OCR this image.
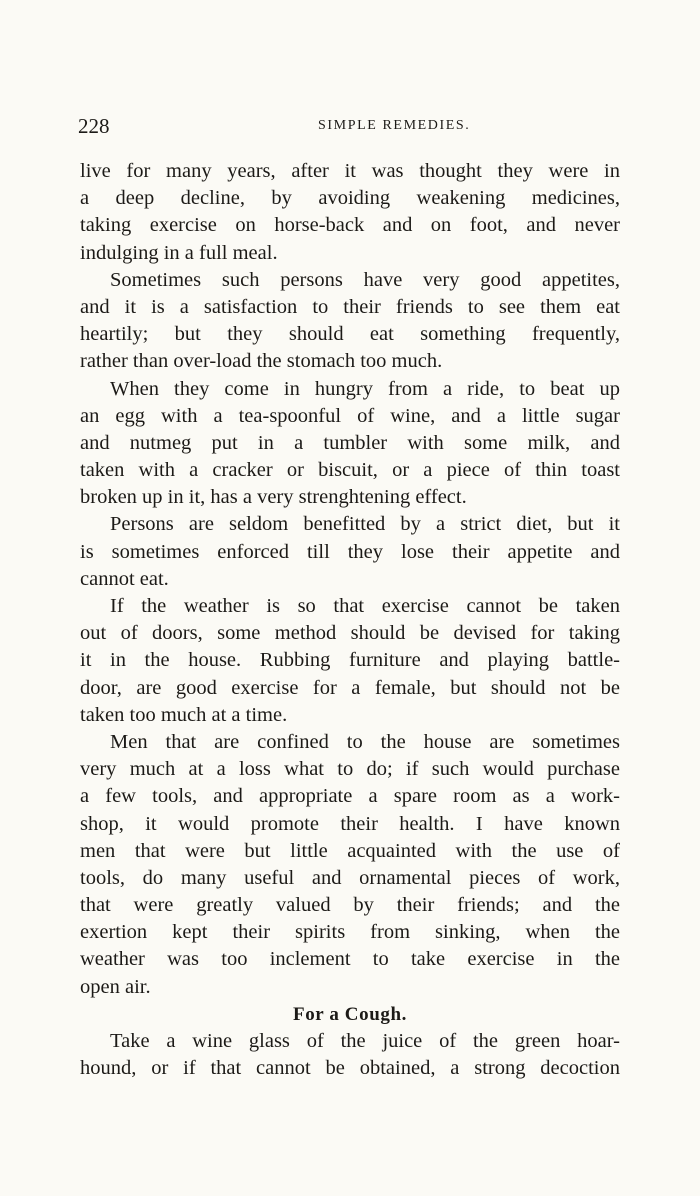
228	SIMPLE REMEDIES.
live for many years, after it was thought they were in
a deep decline, by avoiding weakening medicines,
taking exercise on horse-back and on foot, and never
indulging in a full meal.
Sometimes such persons have very good appetites,
and it is a satisfaction to their friends to see them eat
heartily; but they should eat something frequently,
rather than over-load the stomach too much.
When they come in hungry from a ride, to beat up
an egg with a tea-spoonful of wine, and a little sugar
and nutmeg put in a tumbler with some milk, and
taken with a cracker or biscuit, or a piece of thin toast
broken up in it, has a very strenghtening effect.
Persons are seldom benefitted by a strict diet, but it
is sometimes enforced till they lose their appetite and
cannot eat.
If the weather is so that exercise cannot be taken
out of doors, some method should be devised for taking
it in the house. Rubbing furniture and playing battle-
door, are good exercise for a female, but should not be
taken too much at a time.
Men that are confined to the house are sometimes
very much at a loss what to do; if such would purchase
a few tools, and appropriate a spare room as a work-
shop, it would promote their health. I have known
men that were but little acquainted with the use of
tools, do many useful and ornamental pieces of work,
that were greatly valued by their friends; and the
exertion kept their spirits from sinking, when the
weather was too inclement to take exercise in the
open air.
For a Cough.
Take a wine glass of the juice of the green hoar-
hound, or if that cannot be obtained, a strong decoction
